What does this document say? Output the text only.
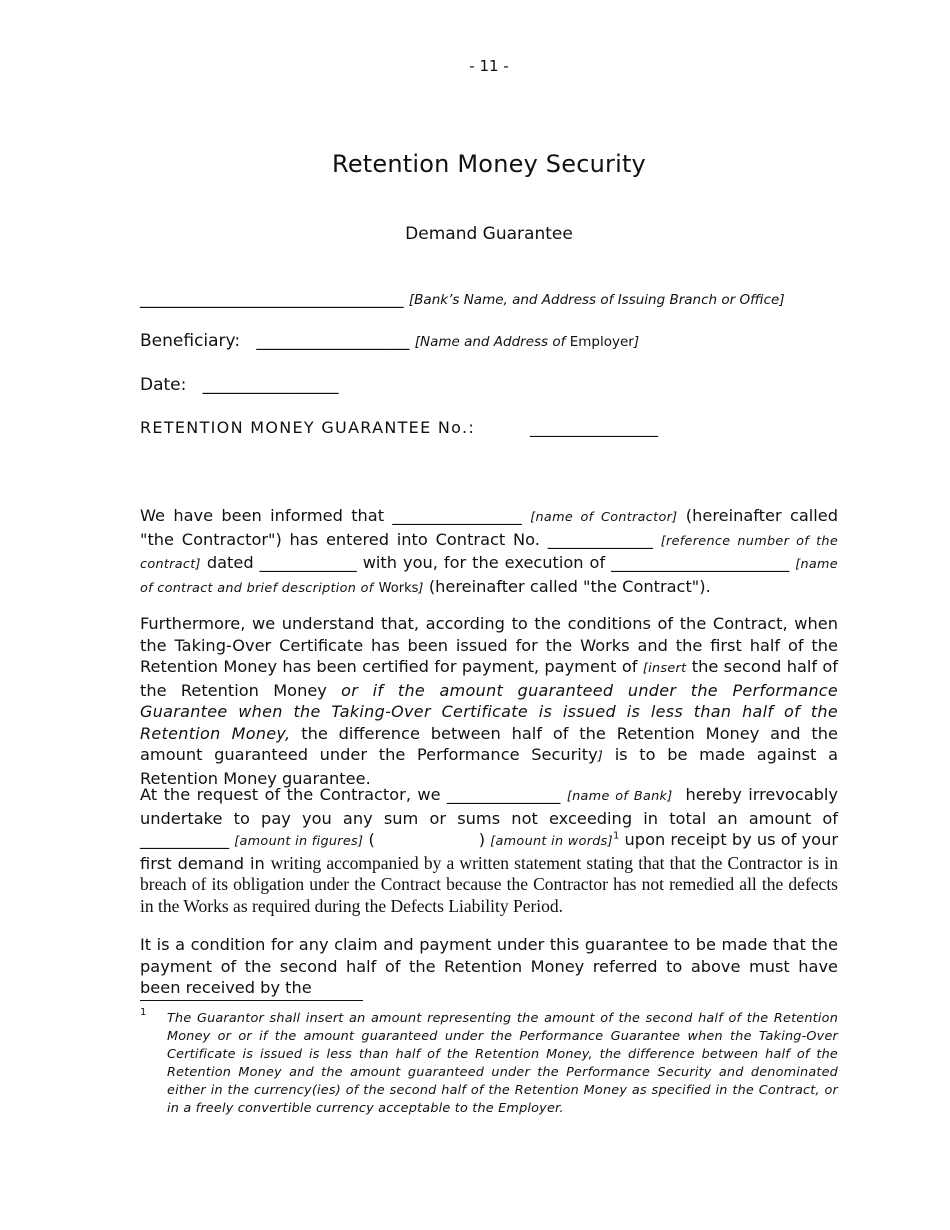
- 11 -
Retention Money Security
Demand Guarantee
_______________________________ [Bank’s Name, and Address of Issuing Branch or Office]
Beneficiary: __________________ [Name and Address of Employer]
Date: ________________
RETENTION MONEY GUARANTEE No.:	________________

We have been informed that ________________ [name of Contractor] (hereinafter called "the Contractor") has entered into Contract No. _____________ [reference number of the contract] dated ____________ with you, for the execution of ______________________ [name of contract and brief description of Works] (hereinafter called "the Contract").

Furthermore, we understand that, according to the conditions of the Contract, when the Taking-Over Certificate has been issued for the Works and the first half of the Retention Money has been certified for payment, payment of [insert the second half of the Retention Money or if the amount guaranteed under the Performance Guarantee when the Taking-Over Certificate is issued is less than half of the Retention Money, the difference between half of the Retention Money and the amount guaranteed under the Performance Security] is to be made against a Retention Money guarantee.

At the request of the Contractor, we ______________ [name of Bank] hereby irrevocably undertake to pay you any sum or sums not exceeding in total an amount of ___________ [amount in figures] (                    ) [amount in words]$^1$ upon receipt by us of your first demand in writing accompanied by a written statement stating that that the Contractor is in breach of its obligation under the Contract because the Contractor has not remedied all the defects in the Works as required during the Defects Liability Period.

It is a condition for any claim and payment under this guarantee to be made that the payment of the second half of the Retention Money referred to above must have been received by the

1 The Guarantor shall insert an amount representing the amount of the second half of the Retention Money or or if the amount guaranteed under the Performance Guarantee when the Taking-Over Certificate is issued is less than half of the Retention Money, the difference between half of the Retention Money and the amount guaranteed under the Performance Security and denominated either in the currency(ies) of the second half of the Retention Money as specified in the Contract, or in a freely convertible currency acceptable to the Employer.
